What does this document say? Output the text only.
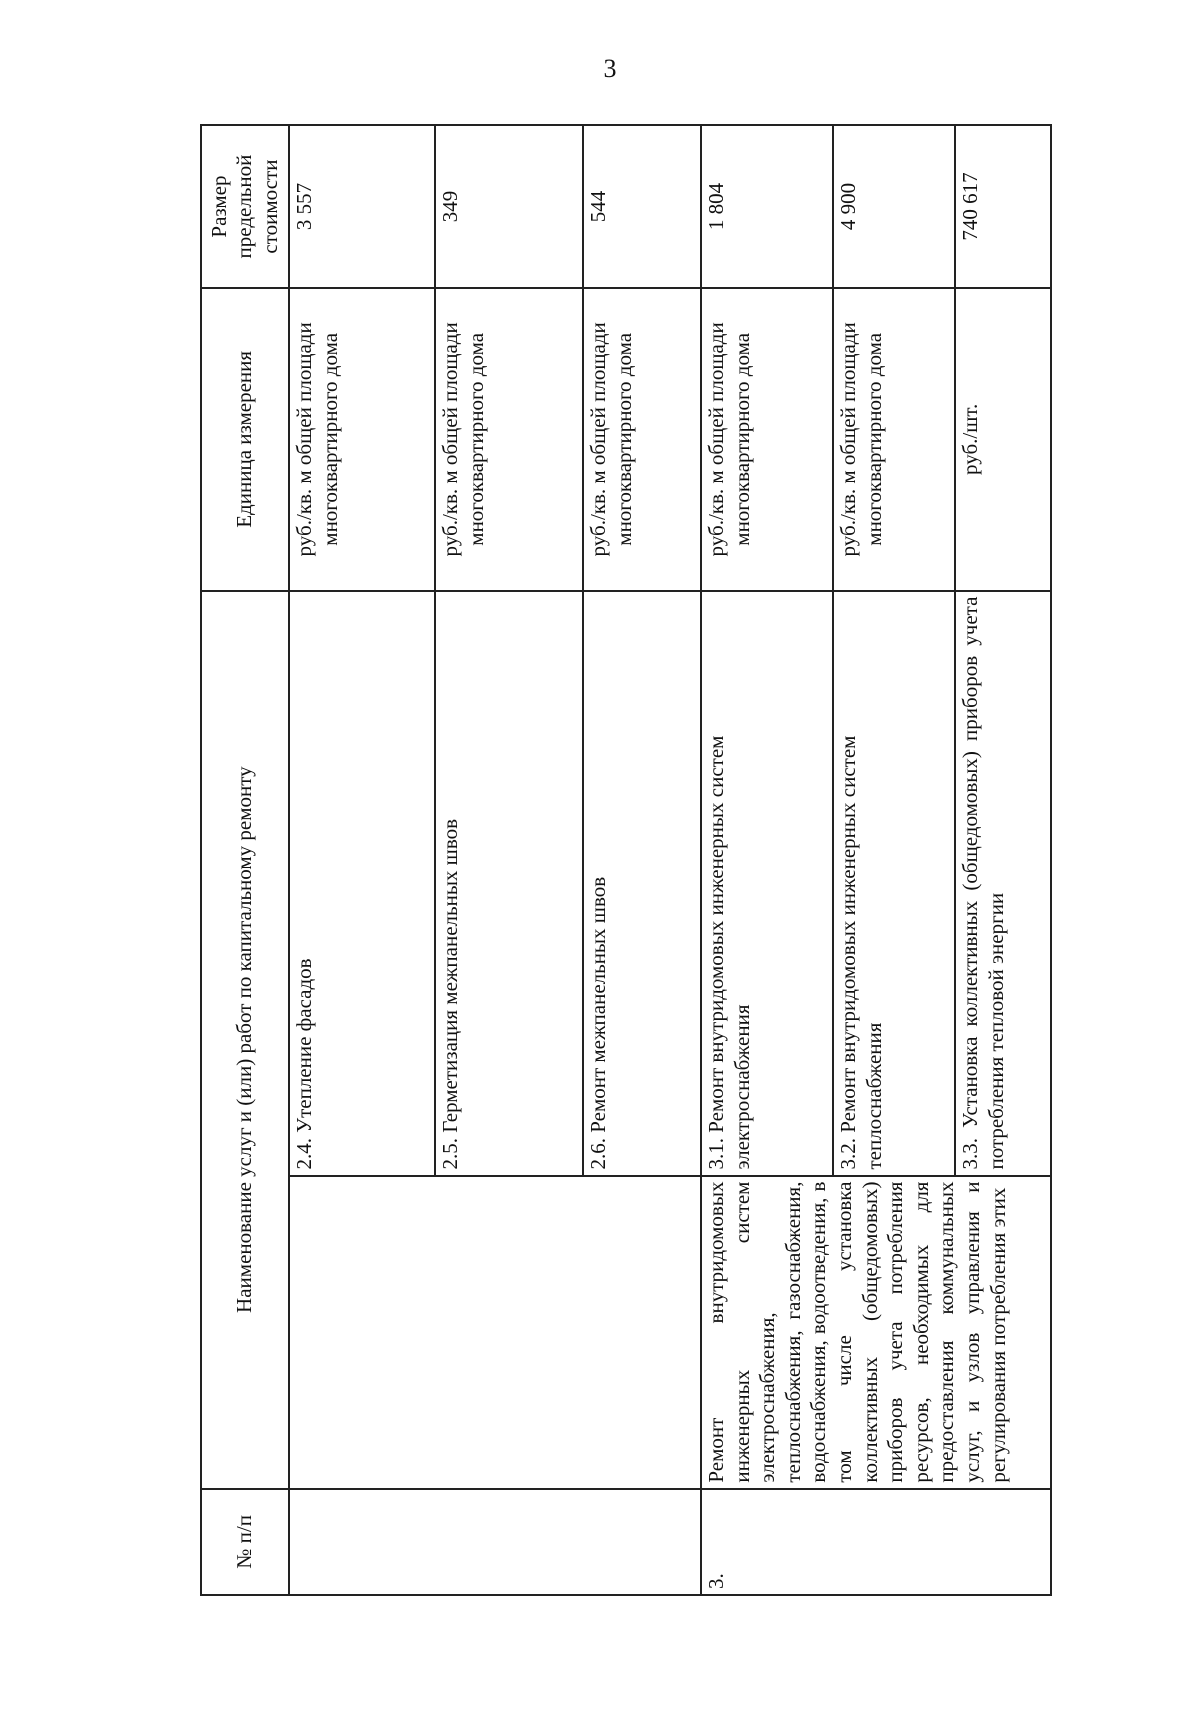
3
№ п/п	Наименование услуг и (или) работ по капитальному ремонту		Единица измерения	Размер предельной стоимости
		2.4. Утепление фасадов	руб./кв. м общей площади многоквартирного дома	3 557
		2.5. Герметизация межпанельных швов	руб./кв. м общей площади многоквартирного дома	349
		2.6. Ремонт межпанельных швов	руб./кв. м общей площади многоквартирного дома	544
3.	Ремонт внутридомовых инженерных систем электроснабжения, теплоснабжения, газоснабжения, водоснабжения, водоотведения, в том числе установка коллективных (общедомовых) приборов учета потребления ресурсов, необходимых для предоставления коммунальных услуг, и узлов управления и регулирования потребления этих	3.1. Ремонт внутридомовых инженерных систем электроснабжения	руб./кв. м общей площади многоквартирного дома	1 804
		3.2. Ремонт внутридомовых инженерных систем теплоснабжения	руб./кв. м общей площади многоквартирного дома	4 900
		3.3. Установка коллективных (общедомовых) приборов учета потребления тепловой энергии	руб./шт.	740 617
